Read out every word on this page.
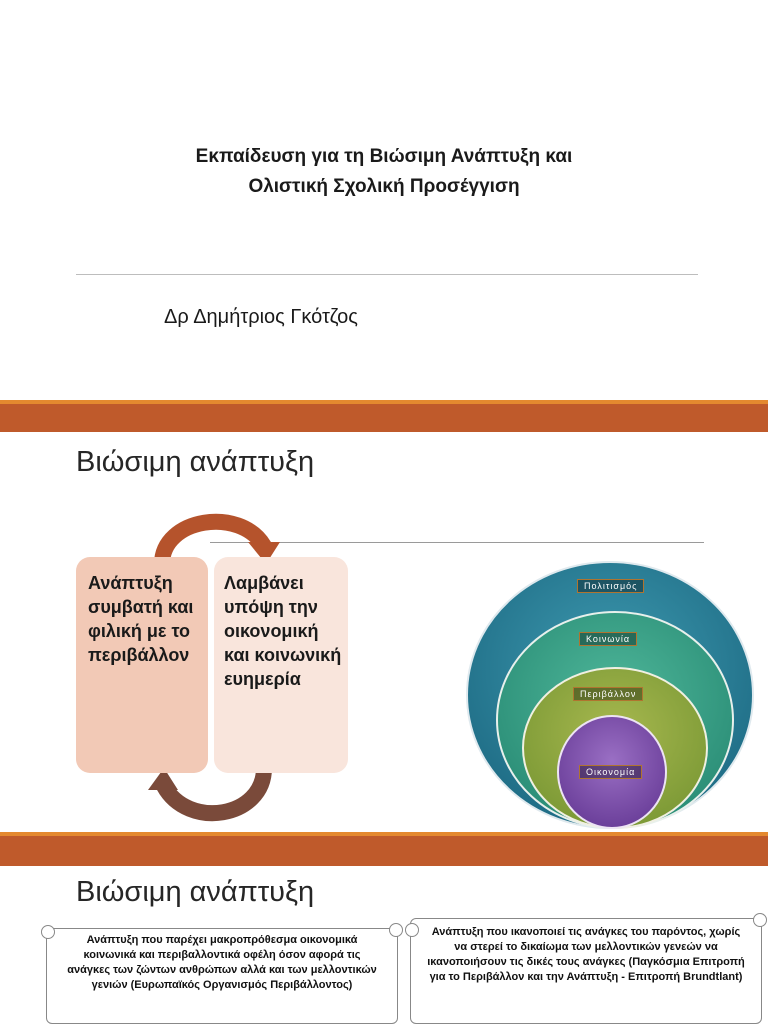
Εκπαίδευση για τη Βιώσιμη Ανάπτυξη και
Ολιστική Σχολική Προσέγγιση
Δρ Δημήτριος Γκότζος
Βιώσιμη ανάπτυξη
Ανάπτυξη συμβατή και φιλική με το περιβάλλον
Λαμβάνει υπόψη την οικονομική και κοινωνική ευημερία
Πολιτισμός
Κοινωνία
Περιβάλλον
Οικονομία
Βιώσιμη ανάπτυξη
Ανάπτυξη που παρέχει μακροπρόθεσμα οικονομικά κοινωνικά και περιβαλλοντικά οφέλη όσον αφορά τις ανάγκες των ζώντων ανθρώπων αλλά και των μελλοντικών γενιών (Ευρωπαϊκός Οργανισμός Περιβάλλοντος)
Ανάπτυξη που ικανοποιεί τις ανάγκες του παρόντος, χωρίς να στερεί το δικαίωμα των μελλοντικών γενεών να ικανοποιήσουν τις δικές τους ανάγκες (Παγκόσμια Επιτροπή για το Περιβάλλον και την Ανάπτυξη - Επιτροπή Brundtlant)
